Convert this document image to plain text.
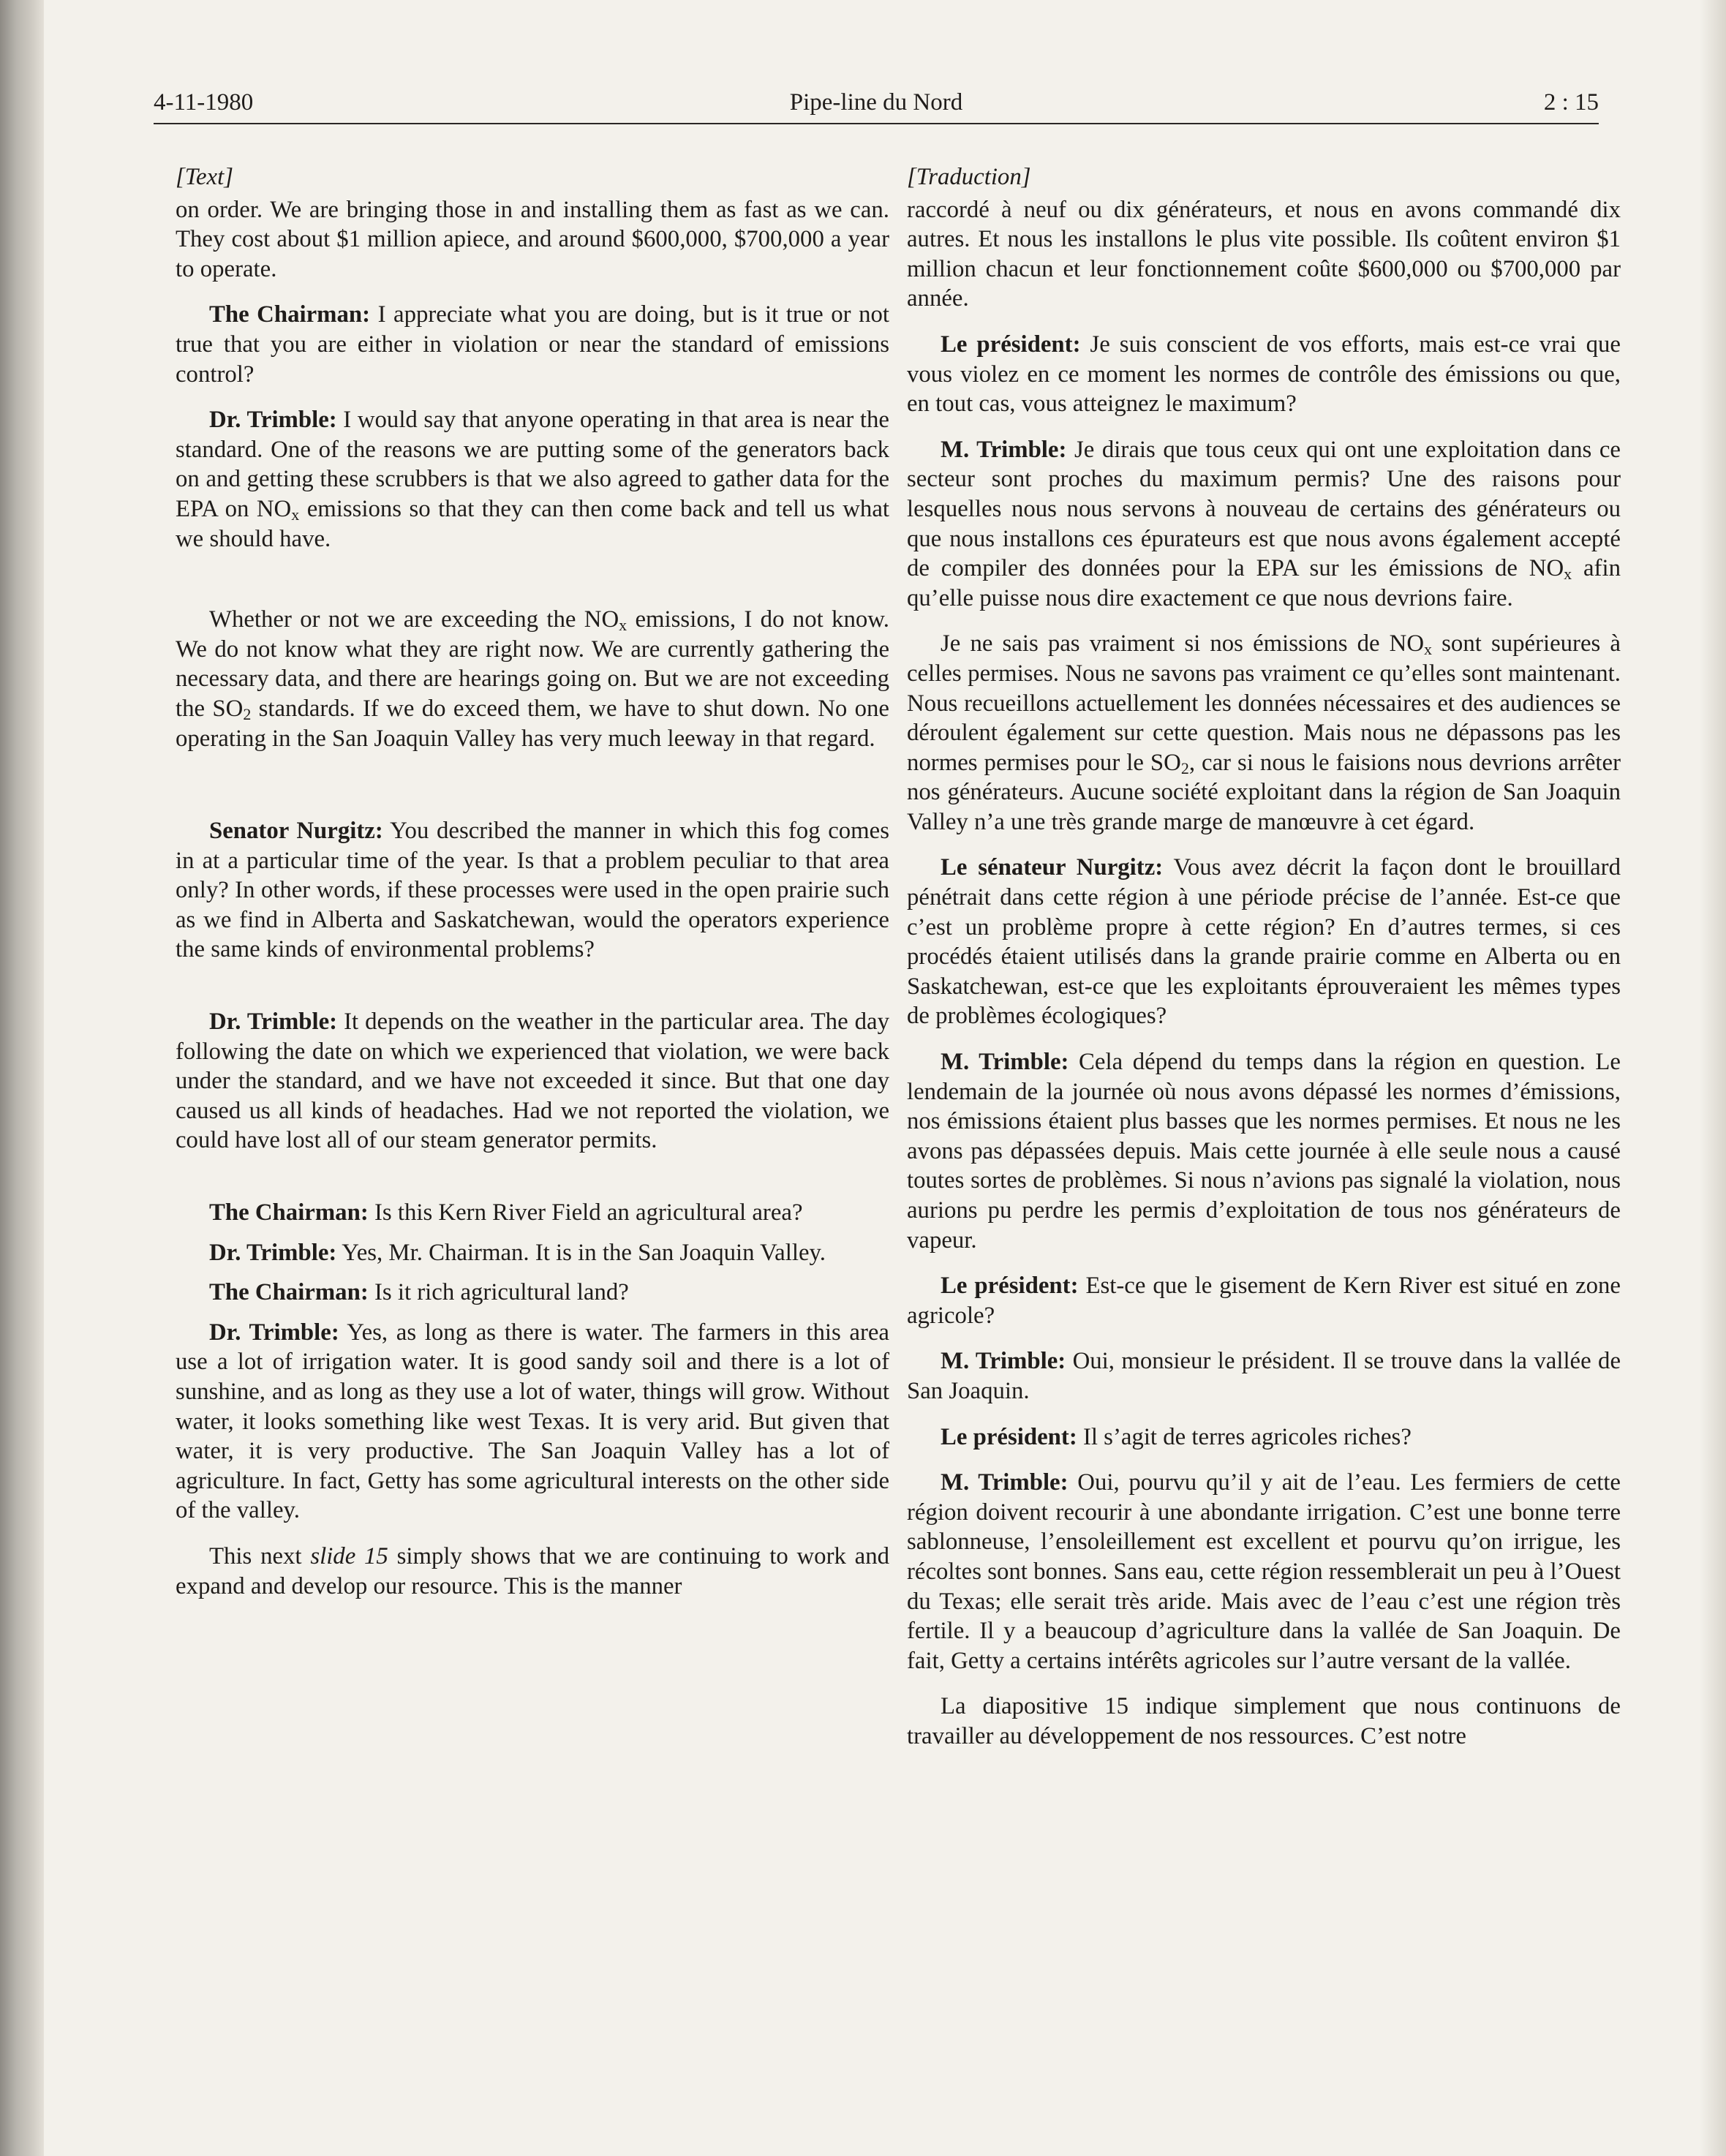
4-11-1980	Pipe-line du Nord	2 : 15

[Text]

on order. We are bringing those in and installing them as fast as we can. They cost about $1 million apiece, and around $600,000, $700,000 a year to operate.

The Chairman: I appreciate what you are doing, but is it true or not true that you are either in violation or near the standard of emissions control?

Dr. Trimble: I would say that anyone operating in that area is near the standard. One of the reasons we are putting some of the generators back on and getting these scrubbers is that we also agreed to gather data for the EPA on $NO_x$ emissions so that they can then come back and tell us what we should have.

Whether or not we are exceeding the $NO_x$ emissions, I do not know. We do not know what they are right now. We are currently gathering the necessary data, and there are hearings going on. But we are not exceeding the $SO_2$ standards. If we do exceed them, we have to shut down. No one operating in the San Joaquin Valley has very much leeway in that regard.

Senator Nurgitz: You described the manner in which this fog comes in at a particular time of the year. Is that a problem peculiar to that area only? In other words, if these processes were used in the open prairie such as we find in Alberta and Saskatchewan, would the operators experience the same kinds of environmental problems?

Dr. Trimble: It depends on the weather in the particular area. The day following the date on which we experienced that violation, we were back under the standard, and we have not exceeded it since. But that one day caused us all kinds of headaches. Had we not reported the violation, we could have lost all of our steam generator permits.

The Chairman: Is this Kern River Field an agricultural area?

Dr. Trimble: Yes, Mr. Chairman. It is in the San Joaquin Valley.

The Chairman: Is it rich agricultural land?

Dr. Trimble: Yes, as long as there is water. The farmers in this area use a lot of irrigation water. It is good sandy soil and there is a lot of sunshine, and as long as they use a lot of water, things will grow. Without water, it looks something like west Texas. It is very arid. But given that water, it is very productive. The San Joaquin Valley has a lot of agriculture. In fact, Getty has some agricultural interests on the other side of the valley.

This next slide 15 simply shows that we are continuing to work and expand and develop our resource. This is the manner

[Traduction]

raccordé à neuf ou dix générateurs, et nous en avons commandé dix autres. Et nous les installons le plus vite possible. Ils coûtent environ $1 million chacun et leur fonctionnement coûte $600,000 ou $700,000 par année.

Le président: Je suis conscient de vos efforts, mais est-ce vrai que vous violez en ce moment les normes de contrôle des émissions ou que, en tout cas, vous atteignez le maximum?

M. Trimble: Je dirais que tous ceux qui ont une exploitation dans ce secteur sont proches du maximum permis? Une des raisons pour lesquelles nous nous servons à nouveau de certains des générateurs ou que nous installons ces épurateurs est que nous avons également accepté de compiler des données pour la EPA sur les émissions de $NO_x$ afin qu’elle puisse nous dire exactement ce que nous devrions faire.

Je ne sais pas vraiment si nos émissions de $NO_x$ sont supérieures à celles permises. Nous ne savons pas vraiment ce qu’elles sont maintenant. Nous recueillons actuellement les données nécessaires et des audiences se déroulent également sur cette question. Mais nous ne dépassons pas les normes permises pour le $SO_2$, car si nous le faisions nous devrions arrêter nos générateurs. Aucune société exploitant dans la région de San Joaquin Valley n’a une très grande marge de manœuvre à cet égard.

Le sénateur Nurgitz: Vous avez décrit la façon dont le brouillard pénétrait dans cette région à une période précise de l’année. Est-ce que c’est un problème propre à cette région? En d’autres termes, si ces procédés étaient utilisés dans la grande prairie comme en Alberta ou en Saskatchewan, est-ce que les exploitants éprouveraient les mêmes types de problèmes écologiques?

M. Trimble: Cela dépend du temps dans la région en question. Le lendemain de la journée où nous avons dépassé les normes d’émissions, nos émissions étaient plus basses que les normes permises. Et nous ne les avons pas dépassées depuis. Mais cette journée à elle seule nous a causé toutes sortes de problèmes. Si nous n’avions pas signalé la violation, nous aurions pu perdre les permis d’exploitation de tous nos générateurs de vapeur.

Le président: Est-ce que le gisement de Kern River est situé en zone agricole?

M. Trimble: Oui, monsieur le président. Il se trouve dans la vallée de San Joaquin.

Le président: Il s’agit de terres agricoles riches?

M. Trimble: Oui, pourvu qu’il y ait de l’eau. Les fermiers de cette région doivent recourir à une abondante irrigation. C’est une bonne terre sablonneuse, l’ensoleillement est excellent et pourvu qu’on irrigue, les récoltes sont bonnes. Sans eau, cette région ressemblerait un peu à l’Ouest du Texas; elle serait très aride. Mais avec de l’eau c’est une région très fertile. Il y a beaucoup d’agriculture dans la vallée de San Joaquin. De fait, Getty a certains intérêts agricoles sur l’autre versant de la vallée.

La diapositive 15 indique simplement que nous continuons de travailler au développement de nos ressources. C’est notre
